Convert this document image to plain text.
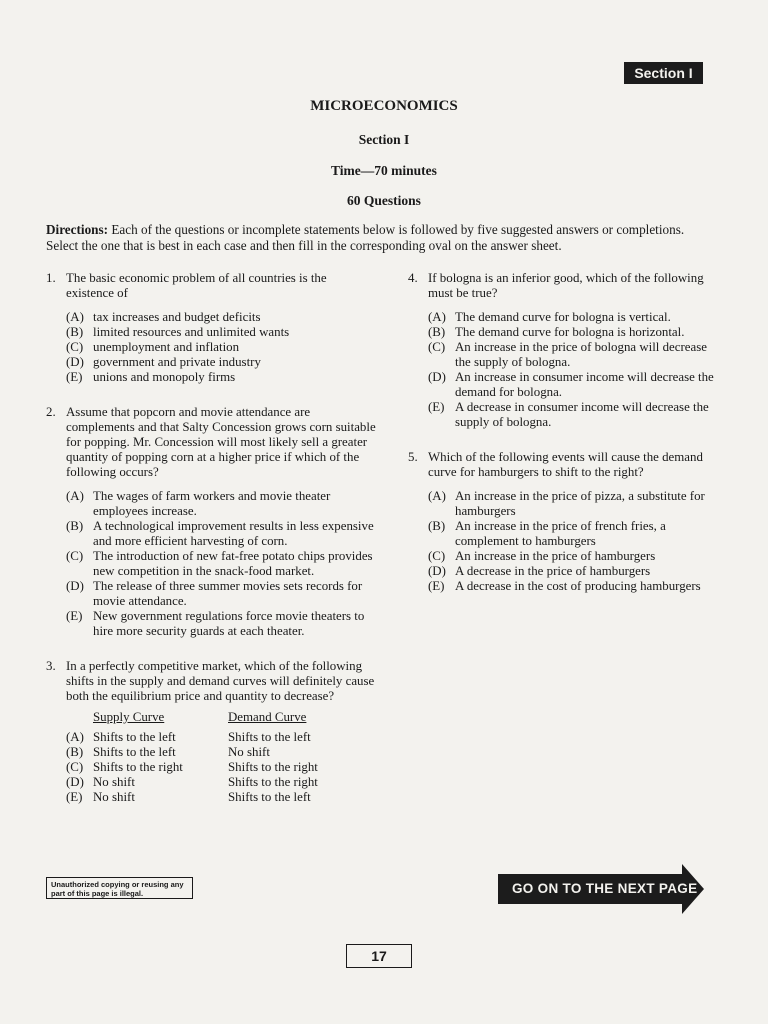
Section I
MICROECONOMICS
Section I
Time—70 minutes
60 Questions
Directions: Each of the questions or incomplete statements below is followed by five suggested answers or completions. Select the one that is best in each case and then fill in the corresponding oval on the answer sheet.
1. The basic economic problem of all countries is the existence of
(A) tax increases and budget deficits
(B) limited resources and unlimited wants
(C) unemployment and inflation
(D) government and private industry
(E) unions and monopoly firms
2. Assume that popcorn and movie attendance are complements and that Salty Concession grows corn suitable for popping. Mr. Concession will most likely sell a greater quantity of popping corn at a higher price if which of the following occurs?
(A) The wages of farm workers and movie theater employees increase.
(B) A technological improvement results in less expensive and more efficient harvesting of corn.
(C) The introduction of new fat-free potato chips provides new competition in the snack-food market.
(D) The release of three summer movies sets records for movie attendance.
(E) New government regulations force movie theaters to hire more security guards at each theater.
3. In a perfectly competitive market, which of the following shifts in the supply and demand curves will definitely cause both the equilibrium price and quantity to decrease?
Supply Curve	Demand Curve
(A) Shifts to the left	Shifts to the left
(B) Shifts to the left	No shift
(C) Shifts to the right	Shifts to the right
(D) No shift	Shifts to the right
(E) No shift	Shifts to the left
4. If bologna is an inferior good, which of the following must be true?
(A) The demand curve for bologna is vertical.
(B) The demand curve for bologna is horizontal.
(C) An increase in the price of bologna will decrease the supply of bologna.
(D) An increase in consumer income will decrease the demand for bologna.
(E) A decrease in consumer income will decrease the supply of bologna.
5. Which of the following events will cause the demand curve for hamburgers to shift to the right?
(A) An increase in the price of pizza, a substitute for hamburgers
(B) An increase in the price of french fries, a complement to hamburgers
(C) An increase in the price of hamburgers
(D) A decrease in the price of hamburgers
(E) A decrease in the cost of producing hamburgers
Unauthorized copying or reusing any part of this page is illegal.	GO ON TO THE NEXT PAGE
17
